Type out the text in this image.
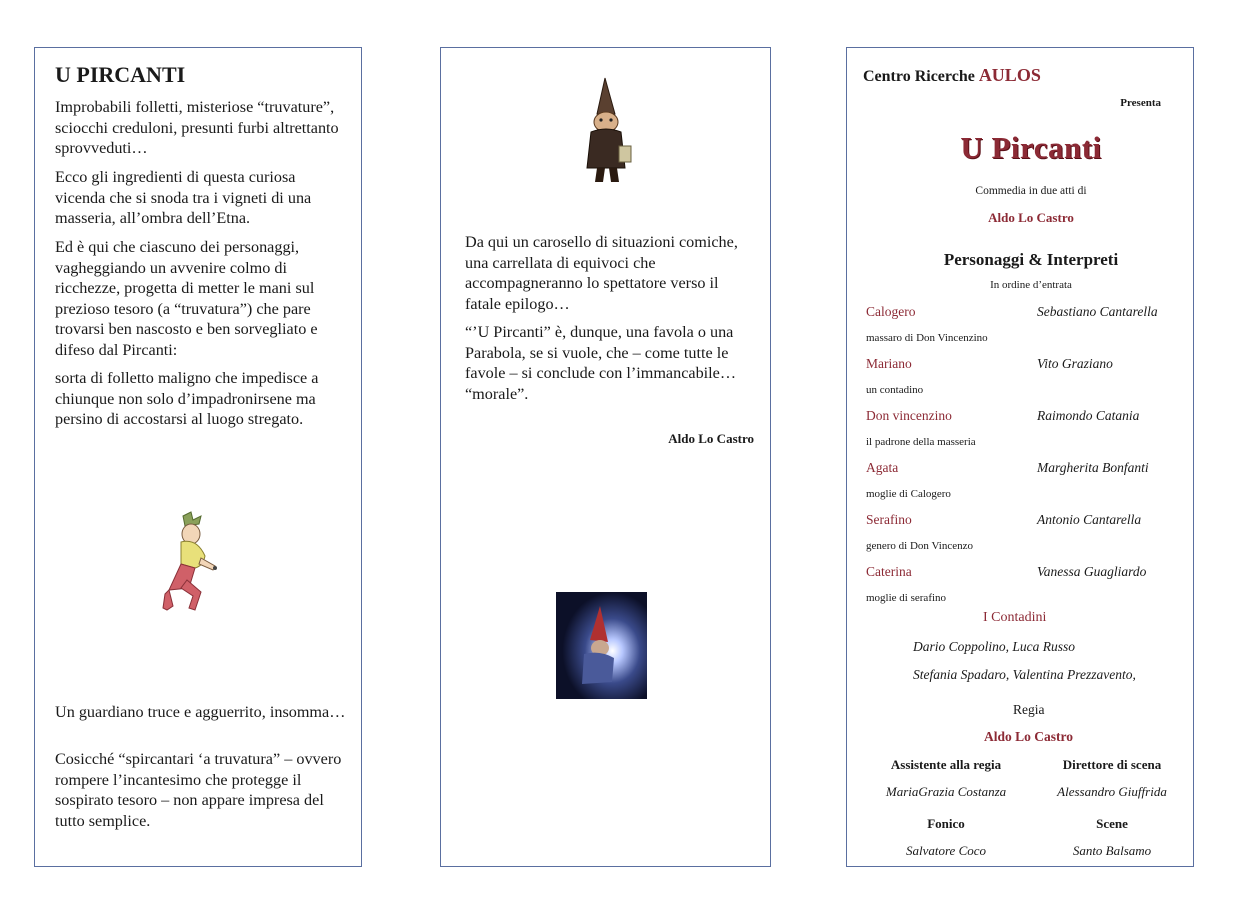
U PIRCANTI

Improbabili folletti, misteriose “truvature”, sciocchi creduloni, presunti furbi altrettanto sprovveduti…

Ecco gli ingredienti di questa curiosa vicenda che si snoda tra i vigneti di una masseria, all’ombra dell’Etna.

Ed è qui che ciascuno dei personaggi, vagheggiando un avvenire colmo di ricchezze, progetta di metter le mani sul prezioso tesoro (a “truvatura”) che pare trovarsi ben nascosto e ben sorvegliato e difeso dal Pircanti:

sorta di folletto maligno che impedisce a chiunque non solo d’impadronirsene ma persino di accostarsi al luogo stregato.

Un guardiano truce e agguerrito, insomma…

Cosicché “spircantari ‘a truvatura” – ovvero rompere l’incantesimo che protegge il sospirato tesoro – non appare impresa del tutto semplice.

Da qui un carosello di situazioni comiche, una carrellata di equivoci che accompagneranno lo spettatore verso il fatale epilogo…

“’U Pircanti” è, dunque, una favola o una Parabola, se si vuole, che – come tutte le favole – si conclude con l’immancabile… “morale”.

Aldo Lo Castro
Centro Ricerche AULOS
Presenta
U Pircanti
Commedia in due atti di
Aldo Lo Castro
Personaggi & Interpreti
In ordine d’entrata
Calogero	Sebastiano Cantarella
massaro di Don Vincenzino
Mariano	Vito Graziano
un contadino
Don vincenzino	Raimondo Catania
il padrone della masseria
Agata	Margherita Bonfanti
moglie di Calogero
Serafino	Antonio Cantarella
genero di Don Vincenzo
Caterina	Vanessa Guagliardo
moglie di serafino
I Contadini
Dario Coppolino, Luca Russo
Stefania Spadaro, Valentina Prezzavento,
Regia
Aldo Lo Castro
Assistente alla regia	Direttore di scena
MariaGrazia Costanza	Alessandro Giuffrida
Fonico	Scene
Salvatore Coco	Santo Balsamo
